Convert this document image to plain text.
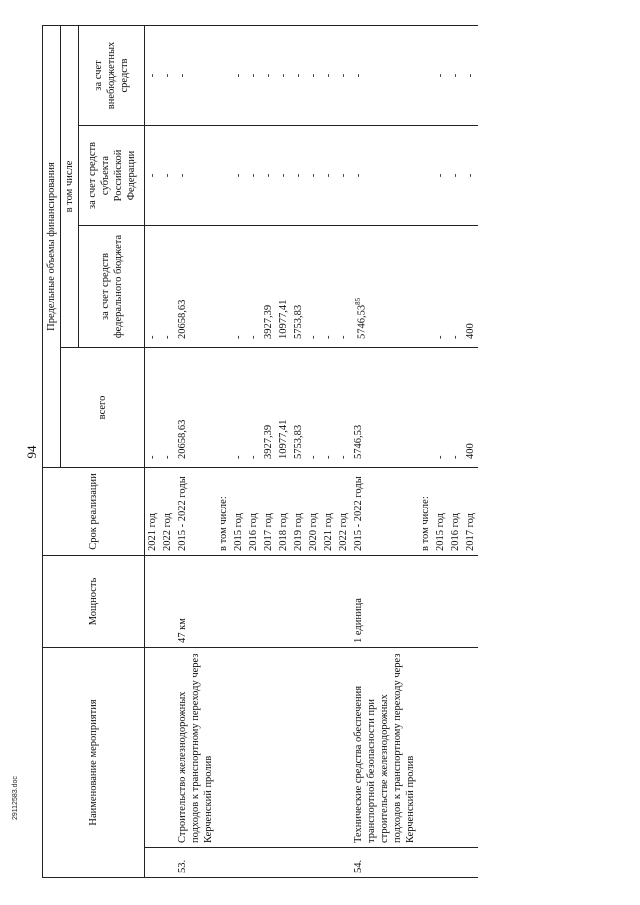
94
Наименование мероприятия		Мощность	Срок реализации	Предельные объемы финансирования			
				всего	в том числе		
					за счет средств федерального бюджета	за счет средств субъекта Российской Федерации	за счет внебюджетных средств
			2021 год	-	-	-	-
			2022 год	-	-	-	-
53.	Строительство железнодорожных подходов к транспортному переходу через Керченский пролив	47 км	2015 - 2022 годы	20658,63	20658,63	-	-
			в том числе:				
			2015 год	-	-	-	-
			2016 год	-	-	-	-
			2017 год	3927,39	3927,39	-	-
			2018 год	10977,41	10977,41	-	-
			2019 год	5753,83	5753,83	-	-
			2020 год	-	-	-	-
			2021 год	-	-	-	-
			2022 год	-	-	-	-
54.	Технические средства обеспечения транспортной безопасности при строительстве железнодорожных подходов к транспортному переходу через Керченский пролив	1 единица	2015 - 2022 годы	5746,53	5746,53$^{85}$	-	-
			в том числе:				
			2015 год	-	-	-	-
			2016 год	-	-	-	-
			2017 год	400	400	-	-
29112583.doc
